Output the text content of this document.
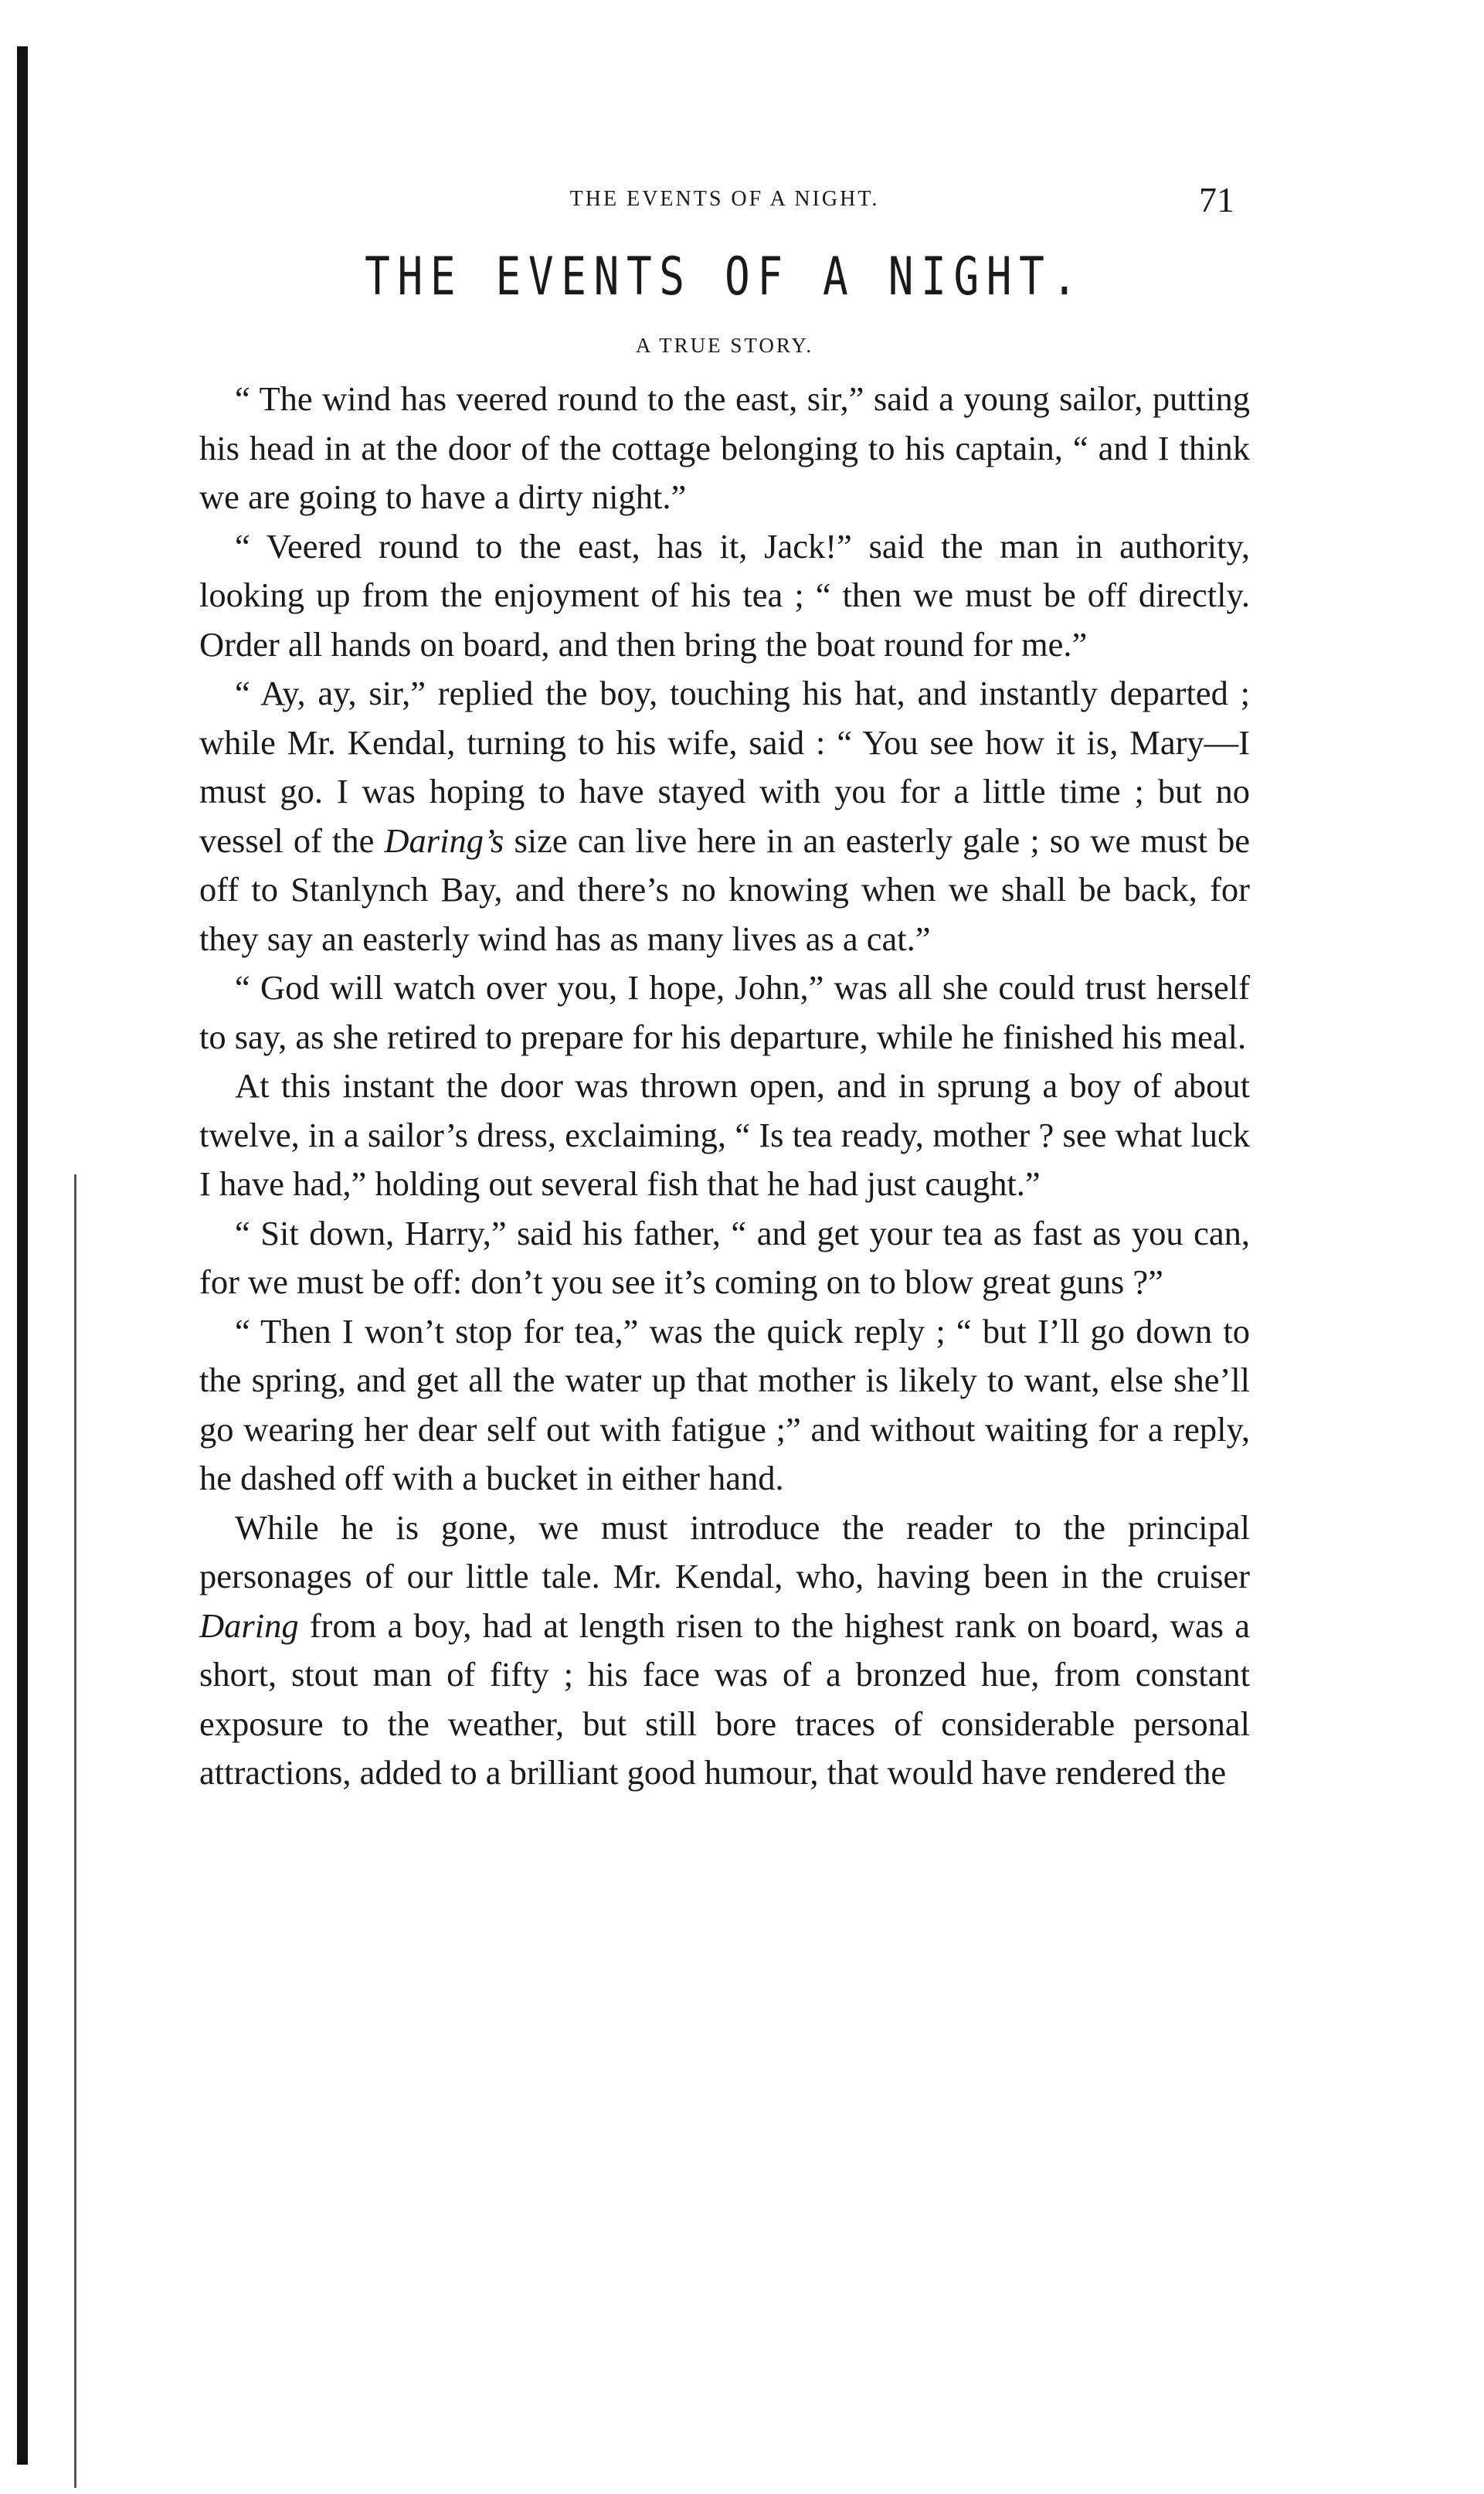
THE EVENTS OF A NIGHT.	71
THE EVENTS OF A NIGHT.
A TRUE STORY.

“ The wind has veered round to the east, sir,” said a young sailor, putting his head in at the door of the cottage belonging to his captain, “ and I think we are going to have a dirty night.”

“ Veered round to the east, has it, Jack!” said the man in authority, looking up from the enjoyment of his tea ; “ then we must be off directly. Order all hands on board, and then bring the boat round for me.”

“ Ay, ay, sir,” replied the boy, touching his hat, and instantly departed ; while Mr. Kendal, turning to his wife, said : “ You see how it is, Mary—I must go. I was hoping to have stayed with you for a little time ; but no vessel of the Daring’s size can live here in an easterly gale ; so we must be off to Stanlynch Bay, and there’s no knowing when we shall be back, for they say an easterly wind has as many lives as a cat.”

“ God will watch over you, I hope, John,” was all she could trust herself to say, as she retired to prepare for his departure, while he finished his meal.

At this instant the door was thrown open, and in sprung a boy of about twelve, in a sailor’s dress, exclaiming, “ Is tea ready, mother ? see what luck I have had,” holding out several fish that he had just caught.”

“ Sit down, Harry,” said his father, “ and get your tea as fast as you can, for we must be off: don’t you see it’s coming on to blow great guns ?”

“ Then I won’t stop for tea,” was the quick reply ; “ but I’ll go down to the spring, and get all the water up that mother is likely to want, else she’ll go wearing her dear self out with fatigue ;” and without waiting for a reply, he dashed off with a bucket in either hand.

While he is gone, we must introduce the reader to the principal personages of our little tale. Mr. Kendal, who, having been in the cruiser Daring from a boy, had at length risen to the highest rank on board, was a short, stout man of fifty ; his face was of a bronzed hue, from constant exposure to the weather, but still bore traces of considerable personal attractions, added to a brilliant good humour, that would have rendered the
